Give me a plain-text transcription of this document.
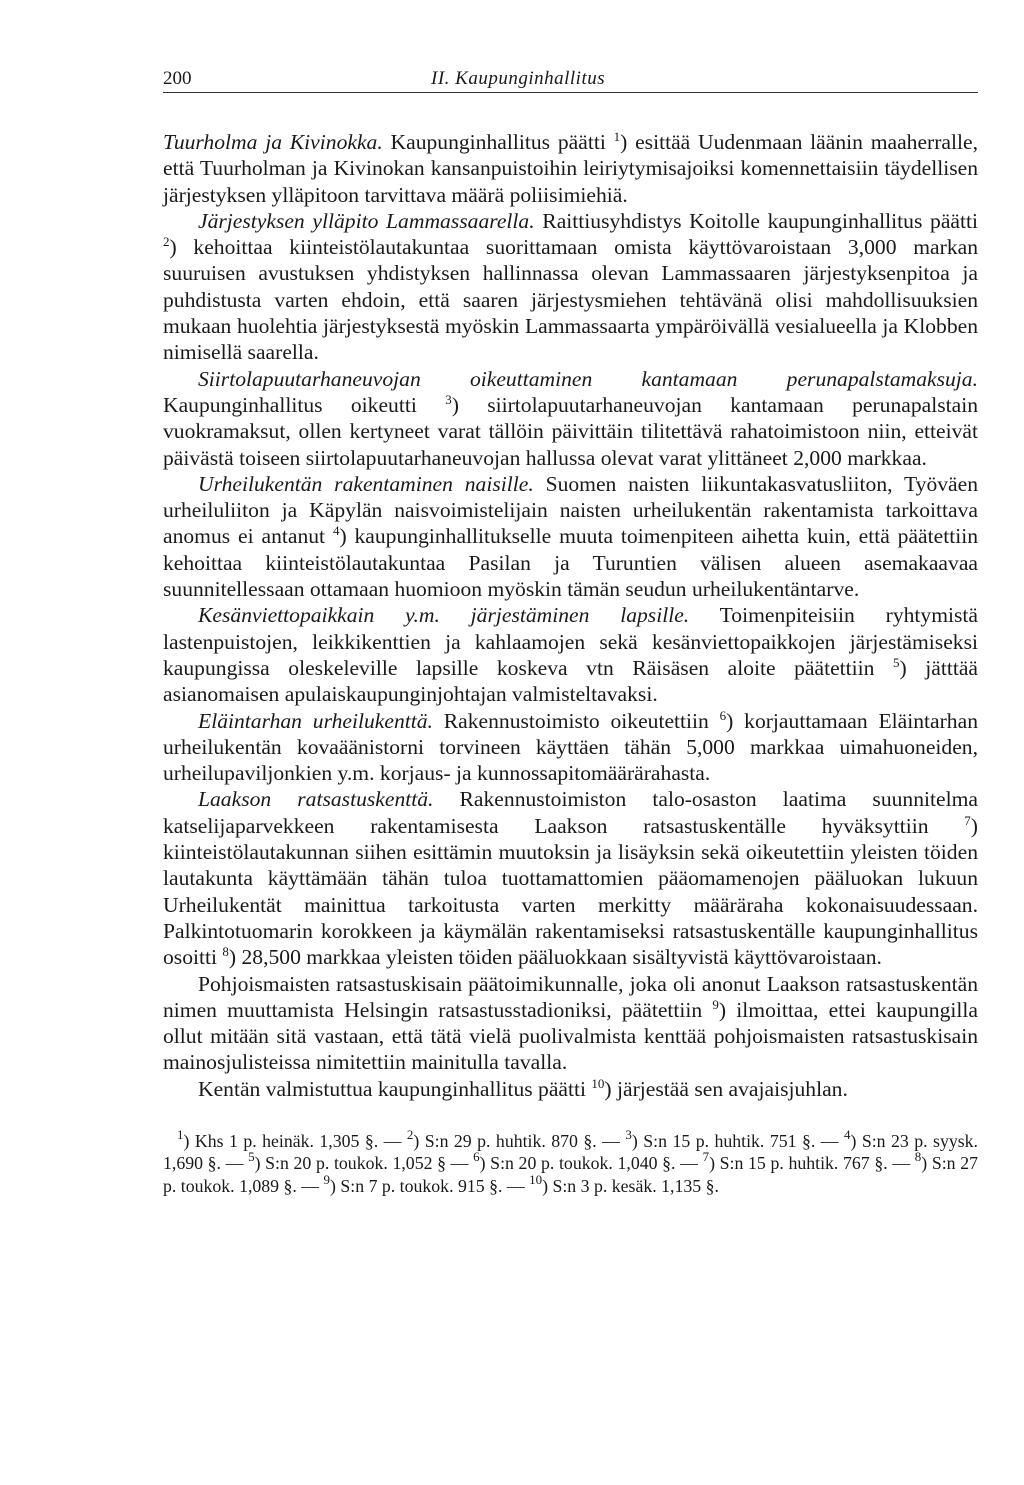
200	II. Kaupunginhallitus

Tuurholma ja Kivinokka. Kaupunginhallitus päätti $^1$) esittää Uudenmaan läänin maaherralle, että Tuurholman ja Kivinokan kansanpuistoihin leiriytymisajoiksi komennettaisiin täydellisen järjestyksen ylläpitoon tarvittava määrä poliisimiehiä.

Järjestyksen ylläpito Lammassaarella. Raittiusyhdistys Koitolle kaupunginhallitus päätti $^2$) kehoittaa kiinteistölautakuntaa suorittamaan omista käyttövaroistaan 3,000 markan suuruisen avustuksen yhdistyksen hallinnassa olevan Lammassaaren järjestyksenpitoa ja puhdistusta varten ehdoin, että saaren järjestysmiehen tehtävänä olisi mahdollisuuksien mukaan huolehtia järjestyksestä myöskin Lammassaarta ympäröivällä vesialueella ja Klobben nimisellä saarella.

Siirtolapuutarhaneuvojan oikeuttaminen kantamaan perunapalstamaksuja. Kaupunginhallitus oikeutti $^3$) siirtolapuutarhaneuvojan kantamaan perunapalstain vuokramaksut, ollen kertyneet varat tällöin päivittäin tilitettävä rahatoimistoon niin, etteivät päivästä toiseen siirtolapuutarhaneuvojan hallussa olevat varat ylittäneet 2,000 markkaa.

Urheilukentän rakentaminen naisille. Suomen naisten liikuntakasvatusliiton, Työväen urheiluliiton ja Käpylän naisvoimistelijain naisten urheilukentän rakentamista tarkoittava anomus ei antanut $^4$) kaupunginhallitukselle muuta toimenpiteen aihetta kuin, että päätettiin kehoittaa kiinteistölautakuntaa Pasilan ja Turuntien välisen alueen asemakaavaa suunnitellessaan ottamaan huomioon myöskin tämän seudun urheilukentäntarve.

Kesänviettopaikkain y.m. järjestäminen lapsille. Toimenpiteisiin ryhtymistä lastenpuistojen, leikkikenttien ja kahlaamojen sekä kesänviettopaikkojen järjestämiseksi kaupungissa oleskeleville lapsille koskeva vtn Räisäsen aloite päätettiin $^5$) jätttää asianomaisen apulaiskaupunginjohtajan valmisteltavaksi.

Eläintarhan urheilukenttä. Rakennustoimisto oikeutettiin $^6$) korjauttamaan Eläintarhan urheilukentän kovaäänistorni torvineen käyttäen tähän 5,000 markkaa uimahuoneiden, urheilupaviljonkien y.m. korjaus- ja kunnossapitomäärärahasta.

Laakson ratsastuskenttä. Rakennustoimiston talo-osaston laatima suunnitelma katselijaparvekkeen rakentamisesta Laakson ratsastuskentälle hyväksyttiin $^7$) kiinteistölautakunnan siihen esittämin muutoksin ja lisäyksin sekä oikeutettiin yleisten töiden lautakunta käyttämään tähän tuloa tuottamattomien pääomamenojen pääluokan lukuun Urheilukentät mainittua tarkoitusta varten merkitty määräraha kokonaisuudessaan. Palkintotuomarin korokkeen ja käymälän rakentamiseksi ratsastuskentälle kaupunginhallitus osoitti $^8$) 28,500 markkaa yleisten töiden pääluokkaan sisältyvistä käyttövaroistaan.

Pohjoismaisten ratsastuskisain päätoimikunnalle, joka oli anonut Laakson ratsastuskentän nimen muuttamista Helsingin ratsastusstadioniksi, päätettiin $^9$) ilmoittaa, ettei kaupungilla ollut mitään sitä vastaan, että tätä vielä puolivalmista kenttää pohjoismaisten ratsastuskisain mainosjulisteissa nimitettiin mainitulla tavalla.

Kentän valmistuttua kaupunginhallitus päätti $^{10}$) järjestää sen avajaisjuhlan.

$^1$) Khs 1 p. heinäk. 1,305 §. — $^2$) S:n 29 p. huhtik. 870 §. — $^3$) S:n 15 p. huhtik. 751 §. — $^4$) S:n 23 p. syysk. 1,690 §. — $^5$) S:n 20 p. toukok. 1,052 § — $^6$) S:n 20 p. toukok. 1,040 §. — $^7$) S:n 15 p. huhtik. 767 §. — $^8$) S:n 27 p. toukok. 1,089 §. — $^9$) S:n 7 p. toukok. 915 §. — $^{10}$) S:n 3 p. kesäk. 1,135 §.
